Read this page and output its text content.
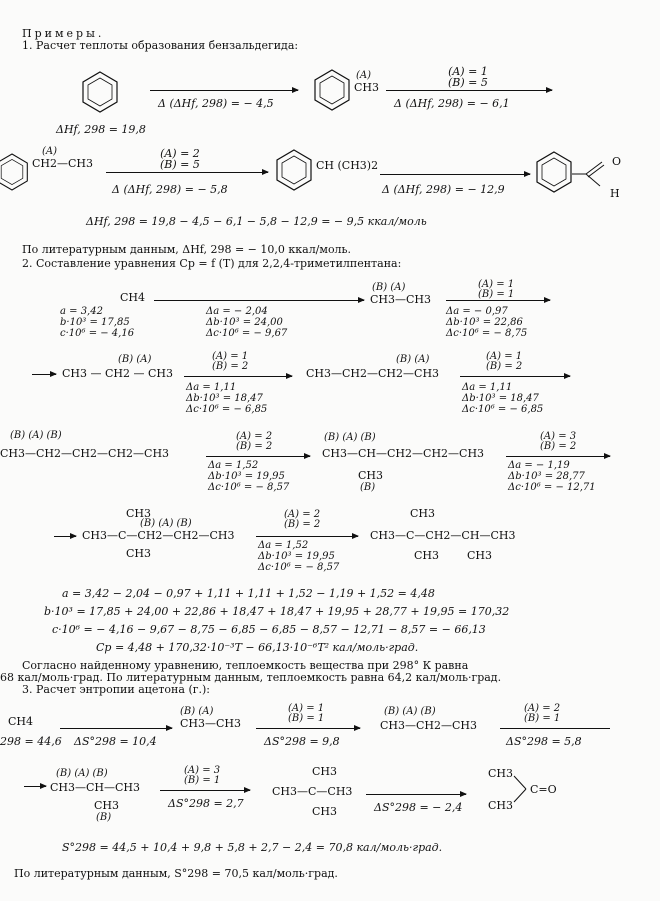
Примеры.
1. Расчет теплоты образования бензальдегида:
Δ (ΔHf, 298) = − 4,5
ΔHf, 298 = 19,8
(A)
CH3
(A) = 1
(B) = 5
Δ (ΔHf, 298) = − 6,1
(A)
CH2—CH3
(A) = 2
(B) = 5
Δ (ΔHf, 298) = − 5,8
CH (CH3)2
Δ (ΔHf, 298) = − 12,9
O
H
ΔHf, 298 = 19,8 − 4,5 − 6,1 − 5,8 − 12,9 = − 9,5 ккал/моль
По литературным данным, ΔHf, 298 = − 10,0 ккал/моль.
2. Составление уравнения Cp = f (T) для 2,2,4-триметилпентана:
a = 3,42
b·10³ = 17,85
c·10⁶ = − 4,16
CH4
Δa = − 2,04
Δb·10³ = 24,00
Δc·10⁶ = − 9,67
(B) (A)
CH3—CH3
(A) = 1
(B) = 1
Δa = − 0,97
Δb·10³ = 22,86
Δc·10⁶ = − 8,75
(B) (A)
CH3 — CH2 — CH3
(A) = 1
(B) = 2
Δa = 1,11
Δb·10³ = 18,47
Δc·10⁶ = − 6,85
(B) (A)
CH3—CH2—CH2—CH3
(A) = 1
(B) = 2
Δa = 1,11
Δb·10³ = 18,47
Δc·10⁶ = − 6,85
(B) (A) (B)
CH3—CH2—CH2—CH2—CH3
(A) = 2
(B) = 2
Δa = 1,52
Δb·10³ = 19,95
Δc·10⁶ = − 8,57
(B) (A) (B)
CH3—CH—CH2—CH2—CH3
CH3
(B)
(A) = 3
(B) = 2
Δa = − 1,19
Δb·10³ = 28,77
Δc·10⁶ = − 12,71
CH3
(B) (A) (B)
CH3—C—CH2—CH2—CH3
CH3
(A) = 2
(B) = 2
Δa = 1,52
Δb·10³ = 19,95
Δc·10⁶ = − 8,57
CH3
CH3—C—CH2—CH—CH3
CH3        CH3
a = 3,42 − 2,04 − 0,97 + 1,11 + 1,11 + 1,52 − 1,19 + 1,52 = 4,48
b·10³ = 17,85 + 24,00 + 22,86 + 18,47 + 18,47 + 19,95 + 28,77 + 19,95 = 170,32
c·10⁶ = − 4,16 − 9,67 − 8,75 − 6,85 − 6,85 − 8,57 − 12,71 − 8,57 = − 66,13
Cp = 4,48 + 170,32·10⁻³T − 66,13·10⁻⁶T² кал/моль·град.
Согласно найденному уравнению, теплоемкость вещества при 298° К равна
68 кал/моль·град. По литературным данным, теплоемкость равна 64,2 кал/моль·град.
3. Расчет энтропии ацетона (г.):
CH4
298 = 44,6 ΔS°298 = 10,4
(B) (A)
CH3—CH3
(A) = 1
(B) = 1
ΔS°298 = 9,8
(B) (A) (B)
CH3—CH2—CH3
(A) = 2
(B) = 1
ΔS°298 = 5,8
(B) (A) (B)
CH3—CH—CH3
CH3
(B)
(A) = 3
(B) = 1
ΔS°298 = 2,7
CH3
CH3—C—CH3
CH3	ΔS°298 = − 2,4
CH3
CH3
C=O
S°298 = 44,5 + 10,4 + 9,8 + 5,8 + 2,7 − 2,4 = 70,8 кал/моль·град.
По литературным данным, S°298 = 70,5 кал/моль·град.
